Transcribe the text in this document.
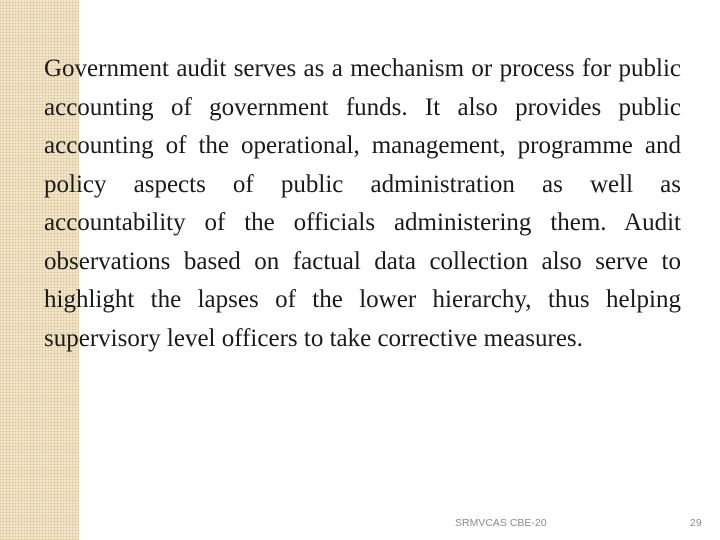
Government audit serves as a mechanism or process for public accounting of government funds. It also provides public accounting of the operational, management, programme and policy aspects of public administration as well as accountability of the officials administering them. Audit observations based on factual data collection also serve to highlight the lapses of the lower hierarchy, thus helping supervisory level officers to take corrective measures.

SRMVCAS CBE-20	29
